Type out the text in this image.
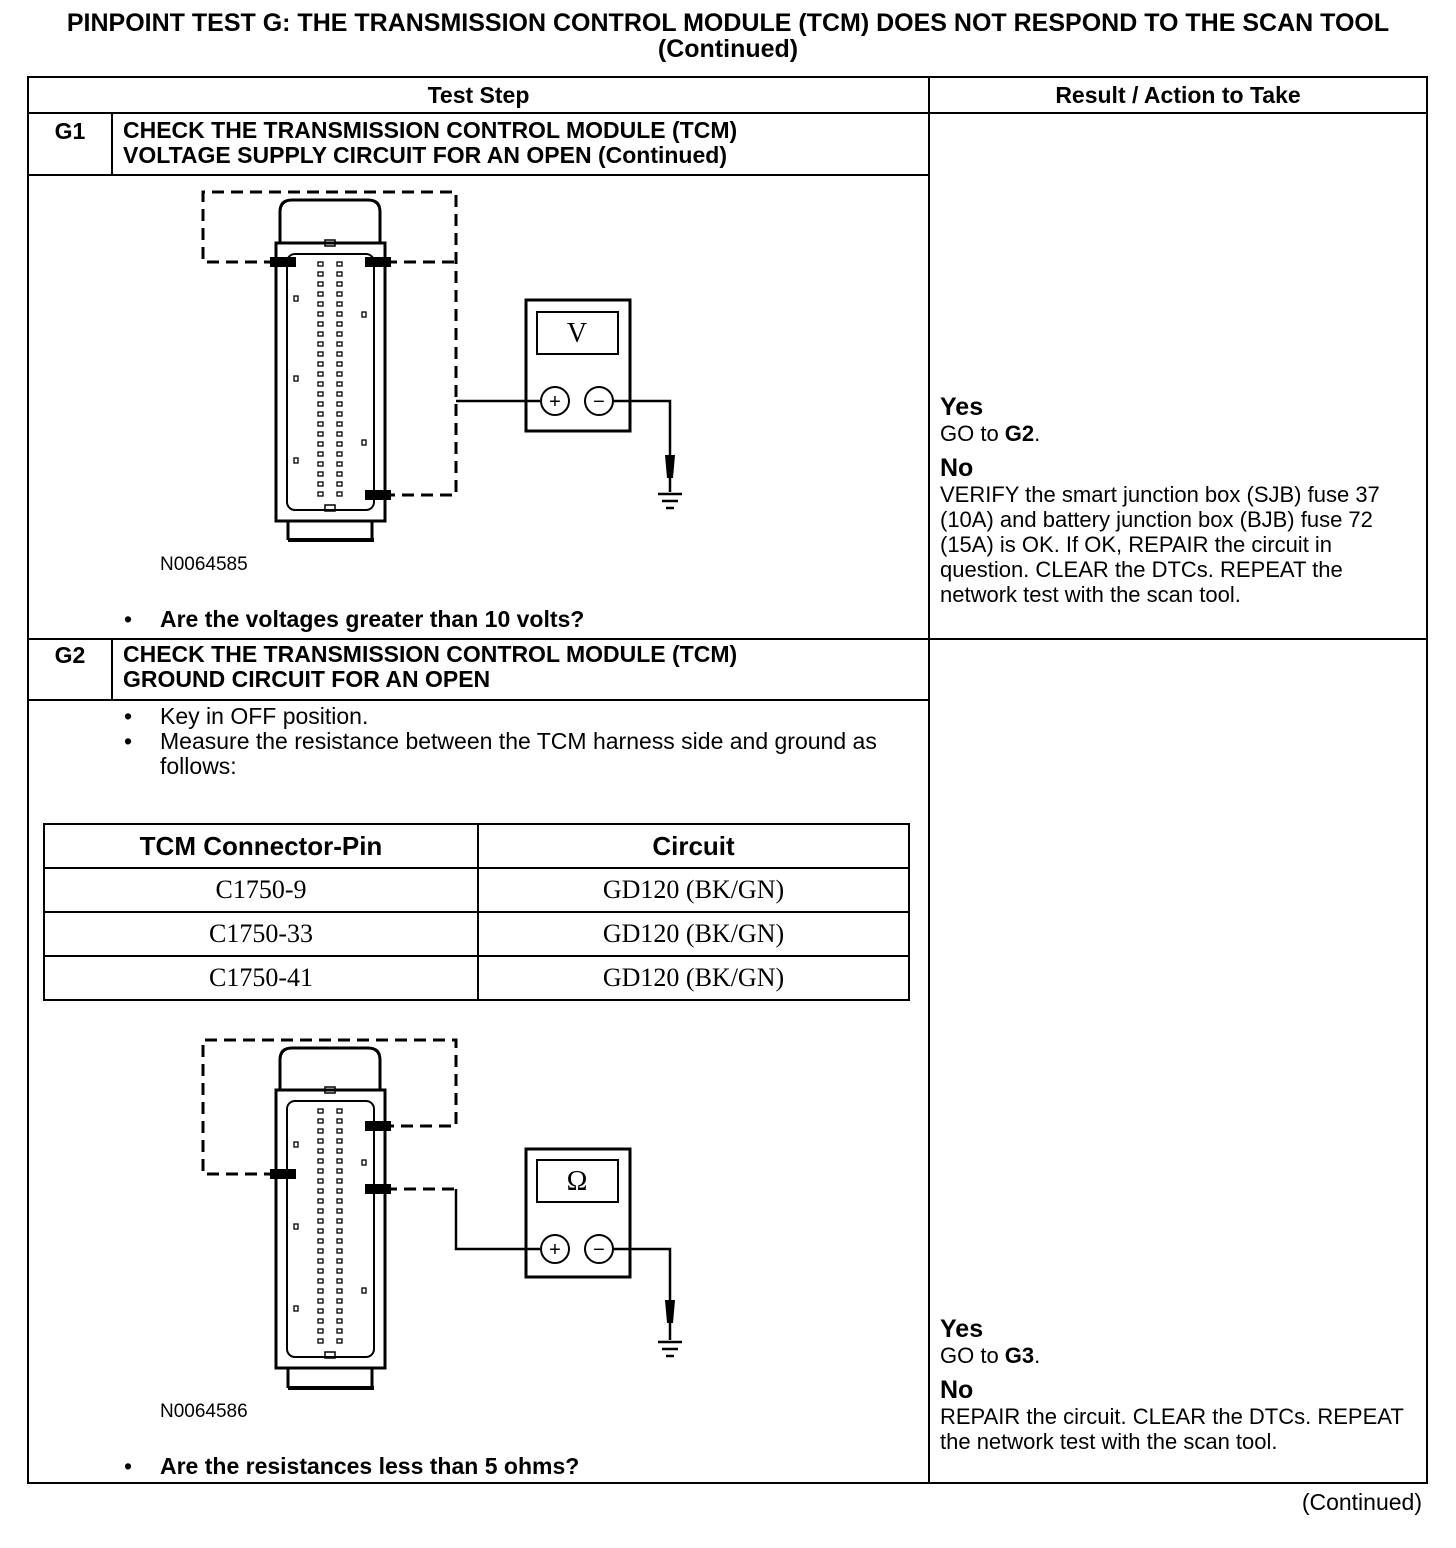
PINPOINT TEST G: THE TRANSMISSION CONTROL MODULE (TCM) DOES NOT RESPOND TO THE SCAN TOOL (Continued)
Test Step	Result / Action to Take
G1	CHECK THE TRANSMISSION CONTROL MODULE (TCM) VOLTAGE SUPPLY CIRCUIT FOR AN OPEN (Continued)
V
+ −
N0064585
• Are the voltages greater than 10 volts?
Yes
GO to G2.
No
VERIFY the smart junction box (SJB) fuse 37 (10A) and battery junction box (BJB) fuse 72 (15A) is OK. If OK, REPAIR the circuit in question. CLEAR the DTCs. REPEAT the network test with the scan tool.
G2	CHECK THE TRANSMISSION CONTROL MODULE (TCM) GROUND CIRCUIT FOR AN OPEN
•	Key in OFF position.
•	Measure the resistance between the TCM harness side and ground as follows:
TCM Connector-Pin	Circuit
C1750-9	GD120 (BK/GN)
C1750-33	GD120 (BK/GN)
C1750-41	GD120 (BK/GN)
Ω
+ −
N0064586
• Are the resistances less than 5 ohms?
Yes
GO to G3.
No
REPAIR the circuit. CLEAR the DTCs. REPEAT the network test with the scan tool.
(Continued)
